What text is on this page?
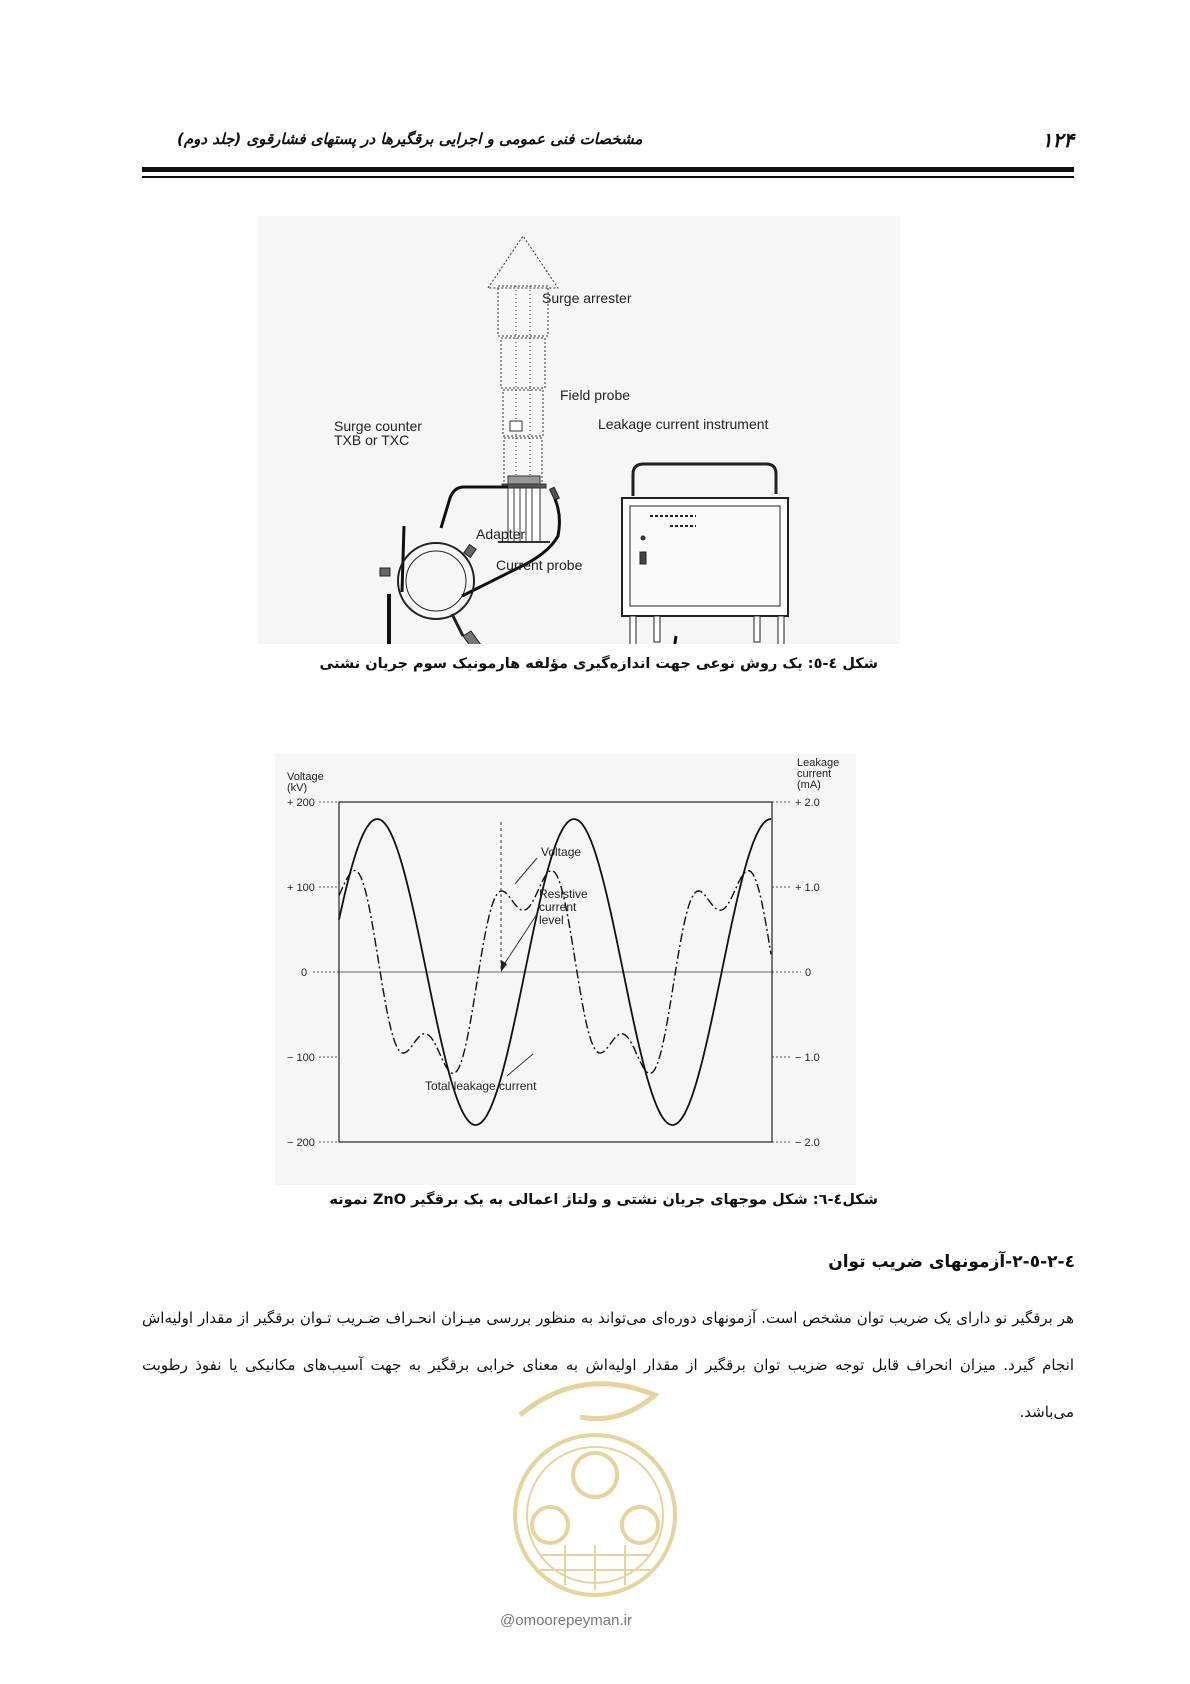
۱۲۴
مشخصات فنی عمومی و اجرایی برقگیرها در پستهای فشارقوی (جلد دوم)
Surge arrester
Field probe
Surge counter
TXB or TXC
Leakage current instrument
Adapter
Current probe
شکل ٤-٥: یک روش نوعی جهت اندازه‌گیری مؤلفه هارمونیک سوم جریان نشتی
Voltage
(kV)
Leakage
current
(mA)
+ 200
+ 100
0
− 100
− 200
+ 2.0
+ 1.0
0
− 1.0
− 2.0
Voltage
Resistive
current
level
Total leakage current
شکل٤-٦: شکل موجهای جریان نشتی و ولتاژ اعمالی به یک برقگیر ZnO نمونه
٤-٢-٥-٢-آزمونهای ضریب توان
هر برقگیر نو دارای یک ضریب توان مشخص است. آزمونهای دوره‌ای می‌تواند به منظور بررسی میـزان انحـراف ضـریب تـوان برقگیر از مقدار اولیه‌اش انجام گیرد. میزان انحراف قابل توجه ضریب توان برقگیر از مقدار اولیه‌اش به معنای خرابی برقگیر به جهت آسیب‌های مکانیکی یا نفوذ رطوبت می‌باشد.
@omoorepeyman.ir
